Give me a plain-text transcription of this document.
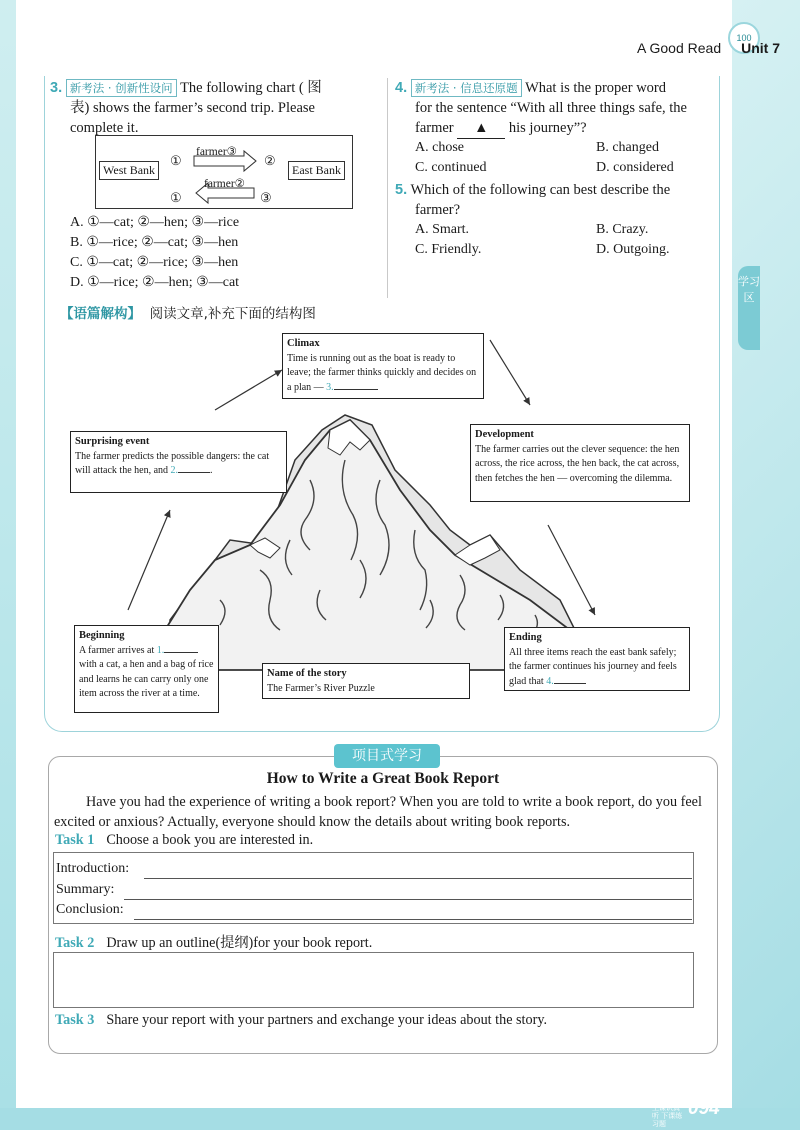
100
A Good Read Unit 7
学习区
3. 新考法 · 创新性设问 The following chart ( 图
表) shows the farmer’s second trip. Please
complete it.
West Bank	East Bank
①	②
farmer③
farmer②
①	③
A. ①—cat; ②—hen; ③—rice
B. ①—rice; ②—cat; ③—hen
C. ①—cat; ②—rice; ③—hen
D. ①—rice; ②—hen; ③—cat
4. 新考法 · 信息还原题 What is the proper word
for the sentence “With all three things safe, the
farmer ▲ his journey”?
A. chose	B. changed
C. continued	D. considered
5. Which of the following can best describe the
farmer?
A. Smart.	B. Crazy.
C. Friendly.	D. Outgoing.
【语篇解构】 阅读文章,补充下面的结构图
Climax
Time is running out as the boat is ready to leave; the farmer thinks quickly and decides on a plan — 3.
Surprising event
The farmer predicts the possible dangers: the cat will attack the hen, and 2.	.
Development
The farmer carries out the clever sequence: the hen across, the rice across, the hen back, the cat across, then fetches the hen — overcoming the dilemma.
Beginning
A farmer arrives at 1. with a cat, a hen and a bag of rice and learns he can carry only one item across the river at a time.
Name of the story
The Farmer’s River Puzzle
Ending
All three items reach the east bank safely; the farmer continues his journey and feels glad that 4.
项目式学习
How to Write a Great Book Report
Have you had the experience of writing a book report? When you are told to write a book report, do you feel excited or anxious? Actually, everyone should know the details about writing book reports.
Task 1 Choose a book you are interested in.
Introduction:
Summary:
Conclusion:
Task 2 Draw up an outline(提纲)for your book report.
Task 3 Share your report with your partners and exchange your ideas about the story.
上课认真听 下课练习题
094
